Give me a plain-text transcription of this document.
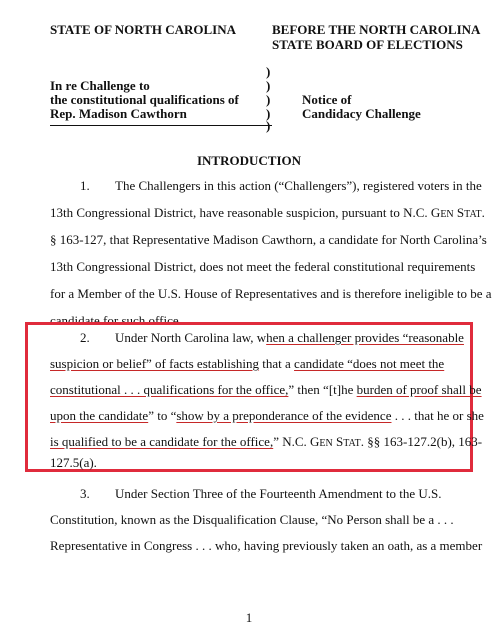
STATE OF NORTH CAROLINA	BEFORE THE NORTH CAROLINA
STATE BOARD OF ELECTIONS
In re Challenge to
the constitutional qualifications of
Rep. Madison Cawthorn
)
)
)
)
)
Notice of
Candidacy Challenge
INTRODUCTION
1. The Challengers in this action (“Challengers”), registered voters in the
13th Congressional District, have reasonable suspicion, pursuant to N.C. GEN STAT.
§ 163-127, that Representative Madison Cawthorn, a candidate for North Carolina’s
13th Congressional District, does not meet the federal constitutional requirements
for a Member of the U.S. House of Representatives and is therefore ineligible to be a
candidate for such office.
2. Under North Carolina law, when a challenger provides “reasonable
suspicion or belief” of facts establishing that a candidate “does not meet the
constitutional . . . qualifications for the office,” then “[t]he burden of proof shall be
upon the candidate” to “show by a preponderance of the evidence . . . that he or she
is qualified to be a candidate for the office,” N.C. GEN STAT. §§ 163-127.2(b), 163-
127.5(a).
3. Under Section Three of the Fourteenth Amendment to the U.S.
Constitution, known as the Disqualification Clause, “No Person shall be a . . .
Representative in Congress . . . who, having previously taken an oath, as a member
1
